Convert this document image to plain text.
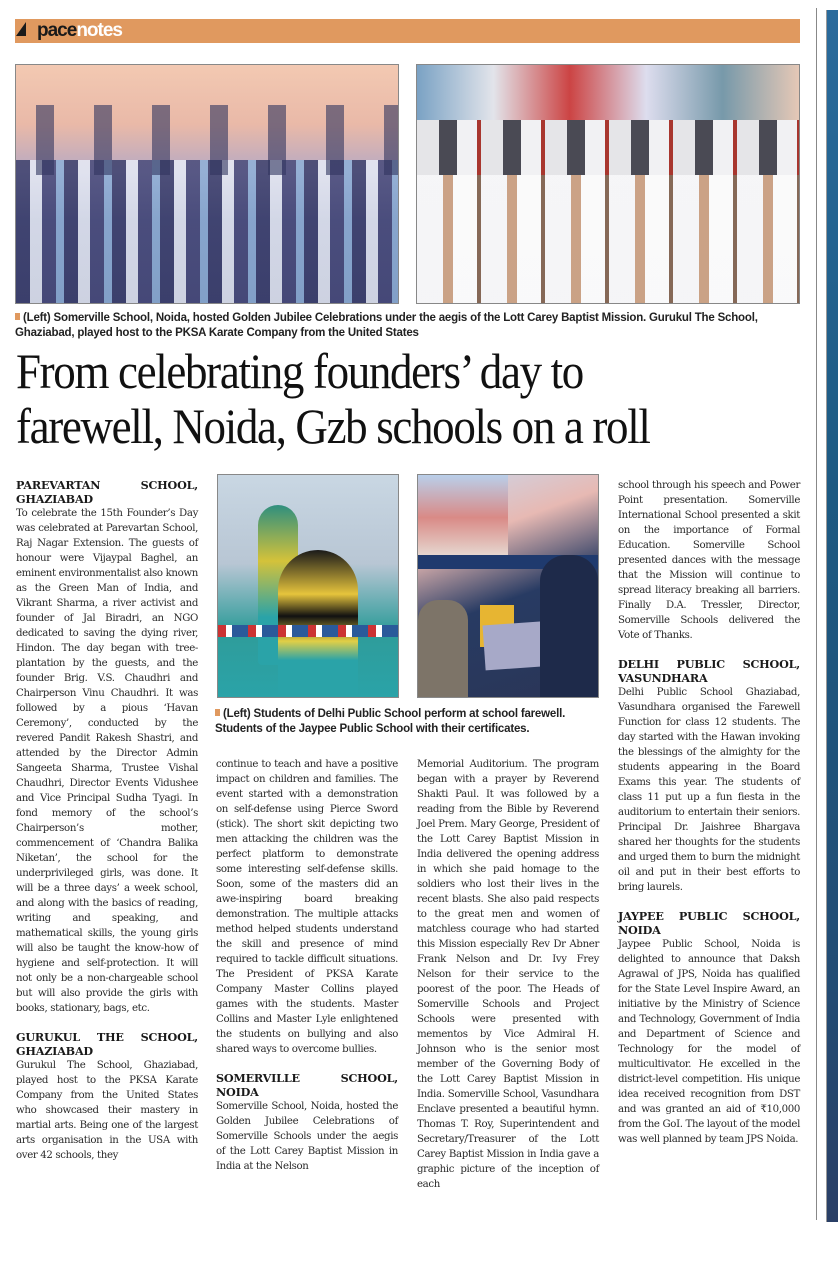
pacenotes
(Left) Somerville School, Noida, hosted Golden Jubilee Celebrations under the aegis of the Lott Carey Baptist Mission. Gurukul The School, Ghaziabad, played host to the PKSA Karate Company from the United States
From celebrating founders’ day to
farewell, Noida, Gzb schools on a roll
(Left) Students of Delhi Public School perform at school farewell. Students of the Jaypee Public School with their certificates.
PAREVARTAN SCHOOL, GHAZIABAD

To celebrate the 15th Founder’s Day was celebrated at Parevartan School, Raj Nagar Extension. The guests of honour were Vijaypal Baghel, an eminent environmentalist also known as the Green Man of India, and Vikrant Sharma, a river activist and founder of Jal Biradri, an NGO dedicated to saving the dying river, Hindon. The day began with tree-plantation by the guests, and the founder Brig. V.S. Chaudhri and Chairperson Vinu Chaudhri. It was followed by a pious ‘Havan Ceremony’, conducted by the revered Pandit Rakesh Shastri, and attended by the Director Admin Sangeeta Sharma, Trustee Vishal Chaudhri, Director Events Vidushee and Vice Principal Sudha Tyagi. In fond memory of the school’s Chairperson’s mother, commencement of ‘Chandra Balika Niketan’, the school for the underprivileged girls, was done. It will be a three days’ a week school, and along with the basics of reading, writing and speaking, and mathematical skills, the young girls will also be taught the know-how of hygiene and self-protection. It will not only be a non-chargeable school but will also provide the girls with books, stationary, bags, etc.

GURUKUL THE SCHOOL, GHAZIABAD

Gurukul The School, Ghaziabad, played host to the PKSA Karate Company from the United States who showcased their mastery in martial arts. Being one of the largest arts organisation in the USA with over 42 schools, they

continue to teach and have a positive impact on children and families. The event started with a demonstration on self-defense using Pierce Sword (stick). The short skit depicting two men attacking the children was the perfect platform to demonstrate some interesting self-defense skills. Soon, some of the masters did an awe-inspiring board breaking demonstration. The multiple attacks method helped students understand the skill and presence of mind required to tackle difficult situations. The President of PKSA Karate Company Master Collins played games with the students. Master Collins and Master Lyle enlightened the students on bullying and also shared ways to overcome bullies.

SOMERVILLE SCHOOL, NOIDA

Somerville School, Noida, hosted the Golden Jubilee Celebrations of Somerville Schools under the aegis of the Lott Carey Baptist Mission in India at the Nelson

Memorial Auditorium. The program began with a prayer by Reverend Shakti Paul. It was followed by a reading from the Bible by Reverend Joel Prem. Mary George, President of the Lott Carey Baptist Mission in India delivered the opening address in which she paid homage to the soldiers who lost their lives in the recent blasts. She also paid respects to the great men and women of matchless courage who had started this Mission especially Rev Dr Abner Frank Nelson and Dr. Ivy Frey Nelson for their service to the poorest of the poor. The Heads of Somerville Schools and Project Schools were presented with mementos by Vice Admiral H. Johnson who is the senior most member of the Governing Body of the Lott Carey Baptist Mission in India. Somerville School, Vasundhara Enclave presented a beautiful hymn. Thomas T. Roy, Superintendent and Secretary/Treasurer of the Lott Carey Baptist Mission in India gave a graphic picture of the inception of each

school through his speech and Power Point presentation. Somerville International School presented a skit on the importance of Formal Education. Somerville School presented dances with the message that the Mission will continue to spread literacy breaking all barriers. Finally D.A. Tressler, Director, Somerville Schools delivered the Vote of Thanks.

DELHI PUBLIC SCHOOL, VASUNDHARA

Delhi Public School Ghaziabad, Vasundhara organised the Farewell Function for class 12 students. The day started with the Hawan invoking the blessings of the almighty for the students appearing in the Board Exams this year. The students of class 11 put up a fun fiesta in the auditorium to entertain their seniors. Principal Dr. Jaishree Bhargava shared her thoughts for the students and urged them to burn the midnight oil and put in their best efforts to bring laurels.

JAYPEE PUBLIC SCHOOL, NOIDA

Jaypee Public School, Noida is delighted to announce that Daksh Agrawal of JPS, Noida has qualified for the State Level Inspire Award, an initiative by the Ministry of Science and Technology, Government of India and Department of Science and Technology for the model of multicultivator. He excelled in the district-level competition. His unique idea received recognition from DST and was granted an aid of ₹10,000 from the GoI. The layout of the model was well planned by team JPS Noida.
